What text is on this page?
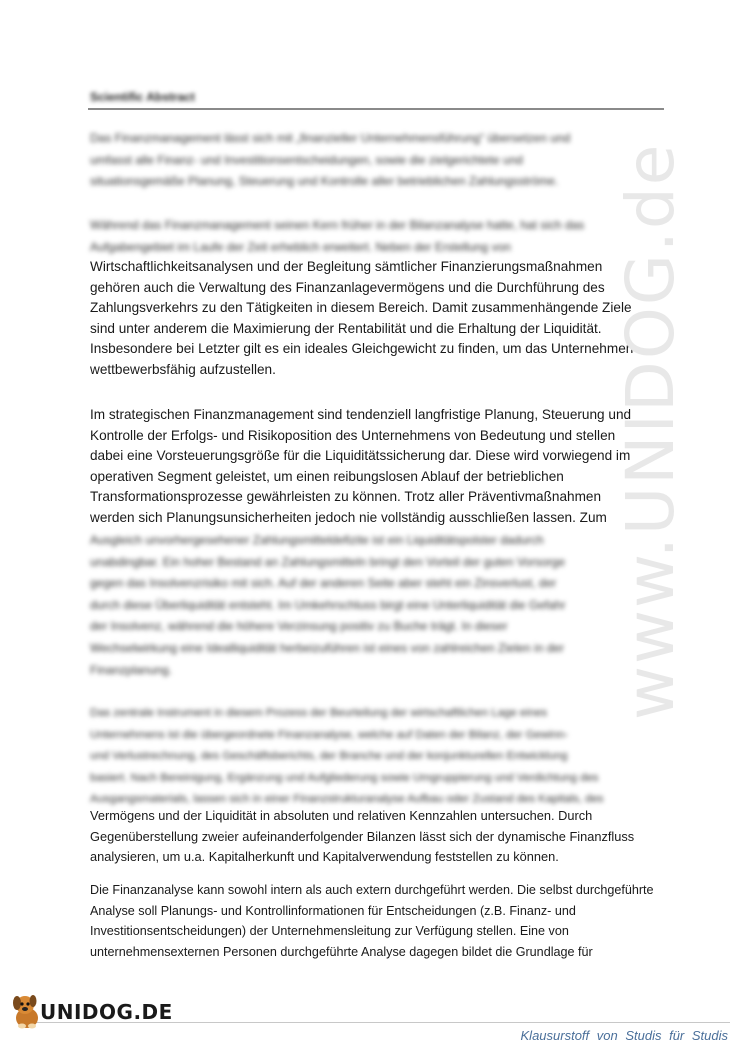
Scientific Abstract
Das Finanzmanagement lässt sich mit „finanzieller Unternehmensführung“ übersetzen und
umfasst alle Finanz- und Investitionsentscheidungen, sowie die zielgerichtete und
situationsgemäße Planung, Steuerung und Kontrolle aller betrieblichen Zahlungsströme.
Während das Finanzmanagement seinen Kern früher in der Bilanzanalyse hatte, hat sich das
Aufgabengebiet im Laufe der Zeit erheblich erweitert. Neben der Erstellung von
Wirtschaftlichkeitsanalysen und der Begleitung sämtlicher Finanzierungsmaßnahmen
gehören auch die Verwaltung des Finanzanlagevermögens und die Durchführung des
Zahlungsverkehrs zu den Tätigkeiten in diesem Bereich. Damit zusammenhängende Ziele
sind unter anderem die Maximierung der Rentabilität und die Erhaltung der Liquidität.
Insbesondere bei Letzter gilt es ein ideales Gleichgewicht zu finden, um das Unternehmen
wettbewerbsfähig aufzustellen.
Im strategischen Finanzmanagement sind tendenziell langfristige Planung, Steuerung und
Kontrolle der Erfolgs- und Risikoposition des Unternehmens von Bedeutung und stellen
dabei eine Vorsteuerungsgröße für die Liquiditätssicherung dar. Diese wird vorwiegend im
operativen Segment geleistet, um einen reibungslosen Ablauf der betrieblichen
Transformationsprozesse gewährleisten zu können. Trotz aller Präventivmaßnahmen
werden sich Planungsunsicherheiten jedoch nie vollständig ausschließen lassen. Zum
Ausgleich unvorhergesehener Zahlungsmitteldefizite ist ein Liquiditätspolster dadurch
unabdingbar. Ein hoher Bestand an Zahlungsmitteln bringt den Vorteil der guten Vorsorge
gegen das Insolvenzrisiko mit sich. Auf der anderen Seite aber steht ein Zinsverlust, der
durch diese Überliquidität entsteht. Im Umkehrschluss birgt eine Unterliquidität die Gefahr
der Insolvenz, während die höhere Verzinsung positiv zu Buche trägt. In dieser
Wechselwirkung eine Idealliquidität herbeizuführen ist eines von zahlreichen Zielen in der
Finanzplanung.
Das zentrale Instrument in diesem Prozess der Beurteilung der wirtschaftlichen Lage eines
Unternehmens ist die übergeordnete Finanzanalyse, welche auf Daten der Bilanz, der Gewinn-
und Verlustrechnung, des Geschäftsberichts, der Branche und der konjunkturellen Entwicklung
basiert. Nach Bereinigung, Ergänzung und Aufgliederung sowie Umgruppierung und Verdichtung des
Ausgangsmaterials, lassen sich in einer Finanzstrukturanalyse Aufbau oder Zustand des Kapitals, des
Vermögens und der Liquidität in absoluten und relativen Kennzahlen untersuchen. Durch
Gegenüberstellung zweier aufeinanderfolgender Bilanzen lässt sich der dynamische Finanzfluss
analysieren, um u.a. Kapitalherkunft und Kapitalverwendung feststellen zu können.
Die Finanzanalyse kann sowohl intern als auch extern durchgeführt werden. Die selbst durchgeführte
Analyse soll Planungs- und Kontrollinformationen für Entscheidungen (z.B. Finanz- und
Investitionsentscheidungen) der Unternehmensleitung zur Verfügung stellen. Eine von
unternehmensexternen Personen durchgeführte Analyse dagegen bildet die Grundlage für
www.UNIDOG.de
UNIDOG.DE
Klausurstoff von Studis für Studis
